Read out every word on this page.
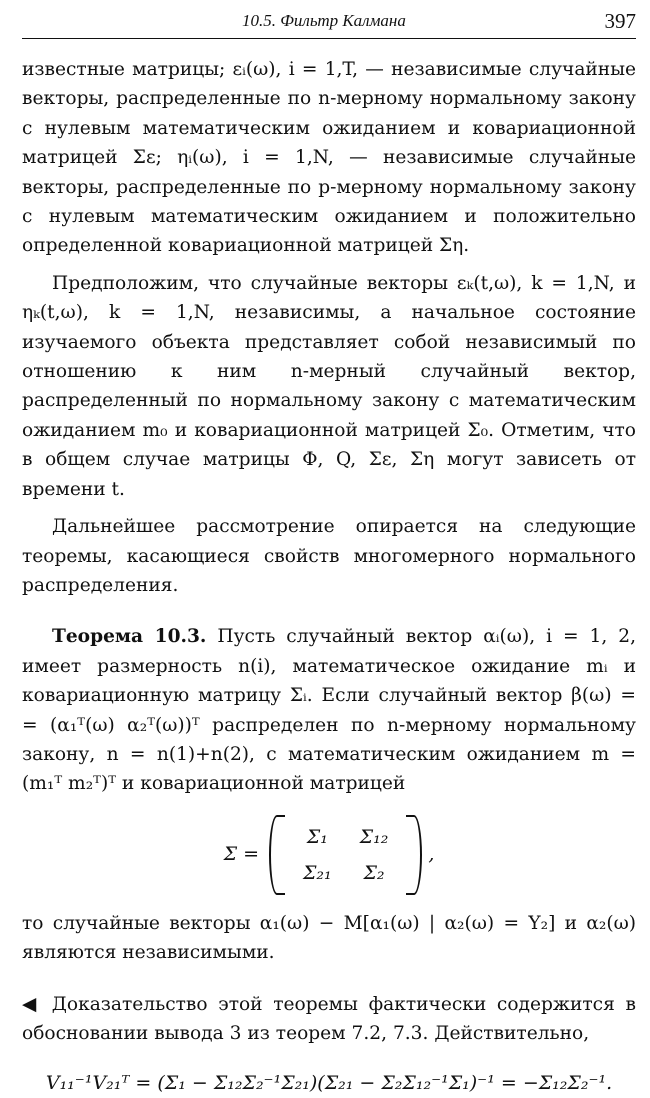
10.5. Фильтр Калмана	397

известные матрицы; εᵢ(ω), i = 1,T, — независимые случайные векторы, распределенные по n-мерному нормальному закону с нулевым математическим ожиданием и ковариационной матрицей Σε; ηᵢ(ω), i = 1,N, — независимые случайные векторы, распределенные по p-мерному нормальному закону с нулевым математическим ожиданием и положительно определенной ковариационной матрицей Ση.

Предположим, что случайные векторы εₖ(t,ω), k = 1,N, и ηₖ(t,ω), k = 1,N, независимы, а начальное состояние изучаемого объекта представляет собой независимый по отношению к ним n-мерный случайный вектор, распределенный по нормальному закону с математическим ожиданием m₀ и ковариационной матрицей Σ₀. Отметим, что в общем случае матрицы Φ, Q, Σε, Ση могут зависеть от времени t.

Дальнейшее рассмотрение опирается на следующие теоремы, касающиеся свойств многомерного нормального распределения.

Теорема 10.3. Пусть случайный вектор αᵢ(ω), i = 1, 2, имеет размерность n(i), математическое ожидание mᵢ и ковариационную матрицу Σᵢ. Если случайный вектор β(ω) = = (α₁ᵀ(ω) α₂ᵀ(ω))ᵀ распределен по n-мерному нормальному закону, n = n(1)+n(2), с математическим ожиданием m = (m₁ᵀ m₂ᵀ)ᵀ и ковариационной матрицей

Σ =
Σ₁	Σ₁₂
Σ₂₁	Σ₂
,

то случайные векторы α₁(ω) − M[α₁(ω) | α₂(ω) = Y₂] и α₂(ω) являются независимыми.

◀ Доказательство этой теоремы фактически содержится в обосновании вывода 3 из теорем 7.2, 7.3. Действительно,

V₁₁⁻¹V₂₁ᵀ = (Σ₁ − Σ₁₂Σ₂⁻¹Σ₂₁)(Σ₂₁ − Σ₂Σ₁₂⁻¹Σ₁)⁻¹ = −Σ₁₂Σ₂⁻¹.
